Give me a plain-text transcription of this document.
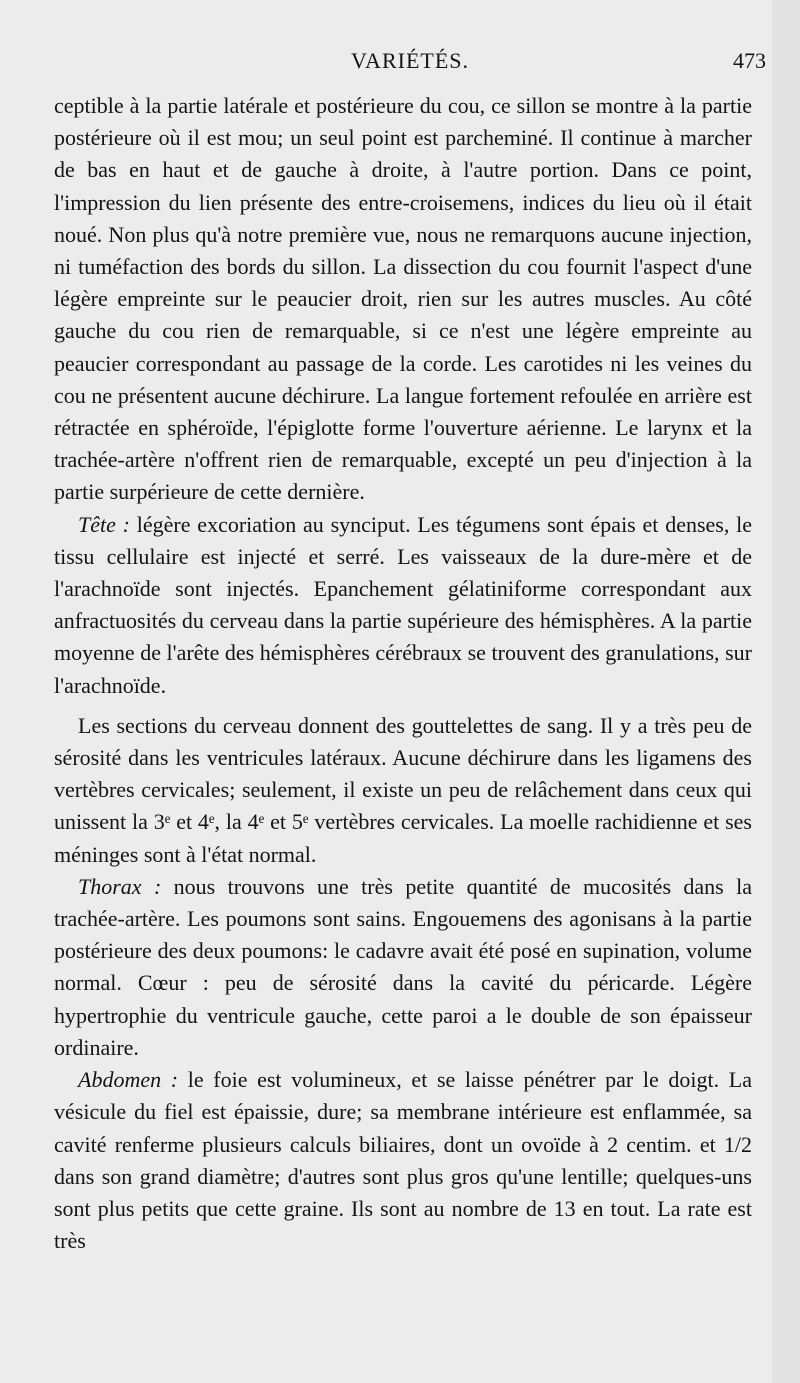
VARIÉTÉS.	473

ceptible à la partie latérale et postérieure du cou, ce sillon se montre à la partie postérieure où il est mou; un seul point est parcheminé. Il continue à marcher de bas en haut et de gauche à droite, à l'autre portion. Dans ce point, l'impression du lien présente des entre-croisemens, indices du lieu où il était noué. Non plus qu'à notre première vue, nous ne remarquons aucune injection, ni tuméfaction des bords du sillon. La dissection du cou fournit l'aspect d'une légère empreinte sur le peaucier droit, rien sur les autres muscles. Au côté gauche du cou rien de remarquable, si ce n'est une légère empreinte au peaucier correspondant au passage de la corde. Les carotides ni les veines du cou ne présentent aucune déchirure. La langue fortement refoulée en arrière est rétractée en sphéroïde, l'épiglotte forme l'ouverture aérienne. Le larynx et la trachée-artère n'offrent rien de remarquable, excepté un peu d'injection à la partie surpérieure de cette dernière.

Tête : légère excoriation au synciput. Les tégumens sont épais et denses, le tissu cellulaire est injecté et serré. Les vaisseaux de la dure-mère et de l'arachnoïde sont injectés. Epanchement gélatiniforme correspondant aux anfractuosités du cerveau dans la partie supérieure des hémisphères. A la partie moyenne de l'arête des hémisphères cérébraux se trouvent des granulations, sur l'arachnoïde.

Les sections du cerveau donnent des gouttelettes de sang. Il y a très peu de sérosité dans les ventricules latéraux. Aucune déchirure dans les ligamens des vertèbres cervicales; seulement, il existe un peu de relâchement dans ceux qui unissent la 3ᵉ et 4ᵉ, la 4ᵉ et 5ᵉ vertèbres cervicales. La moelle rachidienne et ses méninges sont à l'état normal.

Thorax : nous trouvons une très petite quantité de mucosités dans la trachée-artère. Les poumons sont sains. Engouemens des agonisans à la partie postérieure des deux poumons: le cadavre avait été posé en supination, volume normal. Cœur : peu de sérosité dans la cavité du péricarde. Légère hypertrophie du ventricule gauche, cette paroi a le double de son épaisseur ordinaire.

Abdomen : le foie est volumineux, et se laisse pénétrer par le doigt. La vésicule du fiel est épaissie, dure; sa membrane intérieure est enflammée, sa cavité renferme plusieurs calculs biliaires, dont un ovoïde à 2 centim. et 1/2 dans son grand diamètre; d'autres sont plus gros qu'une lentille; quelques-uns sont plus petits que cette graine. Ils sont au nombre de 13 en tout. La rate est très
